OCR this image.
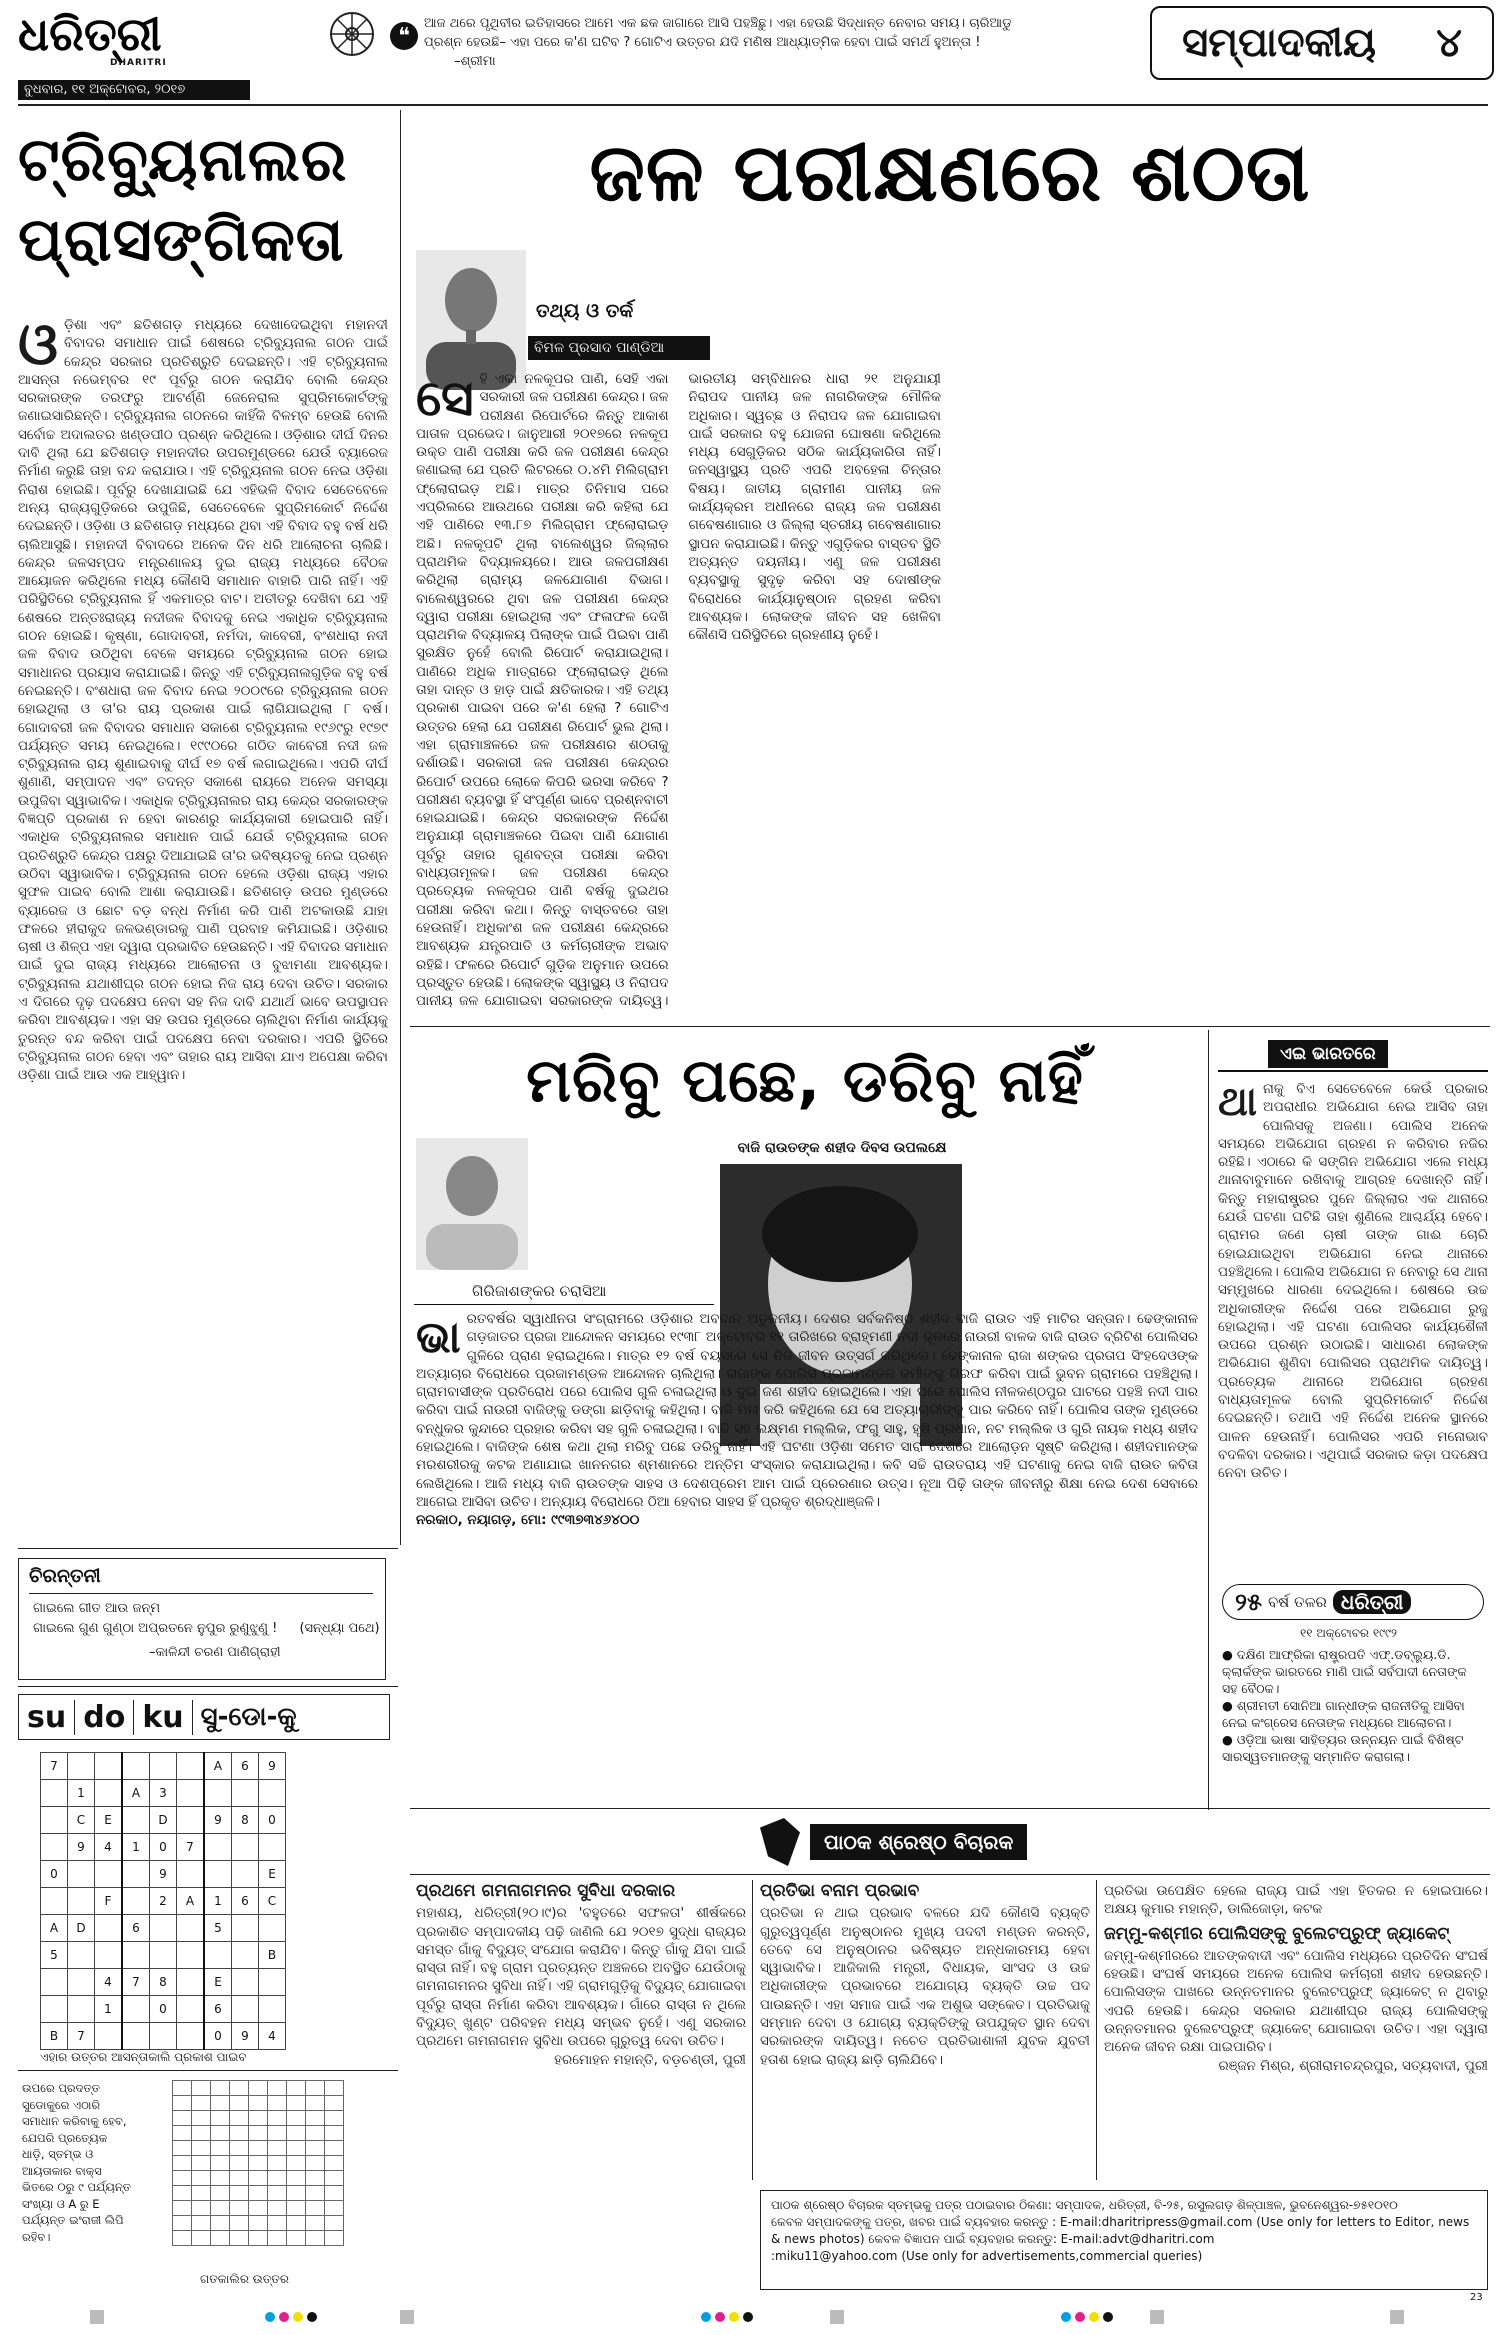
ଧରିତ୍ରୀ
DHARITRI
ବୁଧବାର, ୧୧ ଅକ୍ଟୋବର, ୨୦୧୭
❝
ଆଜ ଥରେ ପୃଥିବୀର ଇତିହାସରେ ଆମେ ଏକ ଛକ ଜାଗାରେ ଆସି ପହଞ୍ଚିଛୁ। ଏହା ହେଉଛି ସିଦ୍ଧାନ୍ତ ନେବାର ସମୟ। ଚାରିଆଡୁ ପ୍ରଶ୍ନ ହେଉଛି– ଏହା ପରେ କ'ଣ ଘଟିବ ? ଗୋଟିଏ ଉତ୍ତର ଯଦି ମଣିଷ ଆଧ୍ୟାତ୍ମିକ ହେବା ପାଇଁ ସମର୍ଥ ହୁଅନ୍ତା ! –ଶ୍ରୀମା	ସମ୍ପାଦକୀୟ ୪
ଟ୍ରିବ୍ୟୁନାଲର
ପ୍ରାସଙ୍ଗିକତା
ଓ ଡ଼ିଶା ଏବଂ ଛତିଶଗଡ଼ ମଧ୍ୟରେ ଦେଖାଦେଇଥିବା ମହାନଦୀ ବିବାଦର ସମାଧାନ ପାଇଁ ଶେଷରେ ଟ୍ରିବ୍ୟୁନାଲ ଗଠନ ପାଇଁ କେନ୍ଦ୍ର ସରକାର ପ୍ରତିଶ୍ରୁତି ଦେଇଛନ୍ତି। ଏହି ଟ୍ରିବ୍ୟୁନାଲ ଆସନ୍ତା ନଭେମ୍ବର ୧୯ ପୂର୍ବରୁ ଗଠନ କରାଯିବ ବୋଲି କେନ୍ଦ୍ର ସରକାରଙ୍କ ତରଫରୁ ଆଟର୍ଣ୍ଣି ଜେନେରାଲ ସୁପ୍ରିମକୋର୍ଟଙ୍କୁ ଜଣାଇସାରିଛନ୍ତି। ଟ୍ରିବ୍ୟୁନାଲ ଗଠନରେ କାହିଁକି ବିଳମ୍ବ ହେଉଛି ବୋଲି ସର୍ବୋଚ୍ଚ ଅଦାଲତର ଖଣ୍ଡପୀଠ ପ୍ରଶ୍ନ କରିଥିଲେ। ଓଡ଼ିଶାର ଦୀର୍ଘ ଦିନର ଦାବି ଥିଲା ଯେ ଛତିଶଗଡ଼ ମହାନଦୀର ଉପରମୁଣ୍ଡରେ ଯେଉଁ ବ୍ୟାରେଜ ନିର୍ମାଣ କରୁଛି ତାହା ବନ୍ଦ କରାଯାଉ। ଏହି ଟ୍ରିବ୍ୟୁନାଲ ଗଠନ ନେଇ ଓଡ଼ିଶା ନିରାଶ ହୋଇଛି। ପୂର୍ବରୁ ଦେଖାଯାଇଛି ଯେ ଏହିଭଳି ବିବାଦ ସେତେବେଳେ ଅନ୍ୟ ରାଜ୍ୟଗୁଡ଼ିକରେ ଉପୁଜିଛି, ସେତେବେଳେ ସୁପ୍ରିମକୋର୍ଟ ନିର୍ଦ୍ଦେଶ ଦେଇଛନ୍ତି। ଓଡ଼ିଶା ଓ ଛତିଶଗଡ଼ ମଧ୍ୟରେ ଥିବା ଏହି ବିବାଦ ବହୁ ବର୍ଷ ଧରି ଚାଲିଆସୁଛି। ମହାନଦୀ ବିବାଦରେ ଅନେକ ଦିନ ଧରି ଆଲୋଚନା ଚାଲିଛି। କେନ୍ଦ୍ର ଜଳସମ୍ପଦ ମନ୍ତ୍ରଣାଳୟ ଦୁଇ ରାଜ୍ୟ ମଧ୍ୟରେ ବୈଠକ ଆୟୋଜନ କରିଥିଲେ ମଧ୍ୟ କୌଣସି ସମାଧାନ ବାହାରି ପାରି ନାହିଁ। ଏହି ପରିସ୍ଥିତିରେ ଟ୍ରିବ୍ୟୁନାଲ ହିଁ ଏକମାତ୍ର ବାଟ। ଅତୀତରୁ ଦେଖିବା ଯେ ଏହି ଶେଷରେ ଅନ୍ତଃରାଜ୍ୟ ନଦୀଜଳ ବିବାଦକୁ ନେଇ ଏକାଧିକ ଟ୍ରିବ୍ୟୁନାଲ ଗଠନ ହୋଇଛି। କୃଷ୍ଣା, ଗୋଦାବରୀ, ନର୍ମଦା, କାବେରୀ, ବଂଶଧାରା ନଦୀ ଜଳ ବିବାଦ ଉଠିଥିବା ବେଳେ ସମୟରେ ଟ୍ରିବ୍ୟୁନାଲ ଗଠନ ହୋଇ ସମାଧାନର ପ୍ରୟାସ କରାଯାଇଛି। କିନ୍ତୁ ଏହି ଟ୍ରିବ୍ୟୁନାଲଗୁଡ଼ିକ ବହୁ ବର୍ଷ ନେଇଛନ୍ତି। ବଂଶଧାରା ଜଳ ବିବାଦ ନେଇ ୨୦୦୯ରେ ଟ୍ରିବ୍ୟୁନାଲ ଗଠନ ହୋଇଥିଲା ଓ ତା'ର ରାୟ ପ୍ରକାଶ ପାଇଁ ଲାଗିଯାଇଥିଲା ୮ ବର୍ଷ। ଗୋଦାବରୀ ଜଳ ବିବାଦର ସମାଧାନ ସକାଶେ ଟ୍ରିବ୍ୟୁନାଲ ୧୯୬୯ରୁ ୧୯୭୯ ପର୍ଯ୍ୟନ୍ତ ସମୟ ନେଇଥିଲେ। ୧୯୯୦ରେ ଗଠିତ କାବେରୀ ନଦୀ ଜଳ ଟ୍ରିବ୍ୟୁନାଲ ରାୟ ଶୁଣାଇବାକୁ ଦୀର୍ଘ ୧୭ ବର୍ଷ ଲଗାଇଥିଲେ। ଏପରି ଦୀର୍ଘ ଶୁଣାଣି, ସମ୍ପାଦନ ଏବଂ ତଦନ୍ତ ସକାଶେ ରାୟରେ ଅନେକ ସମସ୍ୟା ଉପୁଜିବା ସ୍ୱାଭାବିକ। ଏକାଧିକ ଟ୍ରିବ୍ୟୁନାଲର ରାୟ କେନ୍ଦ୍ର ସରକାରଙ୍କ ବିଜ୍ଞପ୍ତି ପ୍ରକାଶ ନ ହେବା କାରଣରୁ କାର୍ଯ୍ୟକାରୀ ହୋଇପାରି ନାହିଁ। ଏକାଧିକ ଟ୍ରିବ୍ୟୁନାଲର ସମାଧାନ ପାଇଁ ଯେଉଁ ଟ୍ରିବ୍ୟୁନାଲ ଗଠନ ପ୍ରତିଶ୍ରୁତି କେନ୍ଦ୍ର ପକ୍ଷରୁ ଦିଆଯାଇଛି ତା'ର ଭବିଷ୍ୟତକୁ ନେଇ ପ୍ରଶ୍ନ ଉଠିବା ସ୍ୱାଭାବିକ। ଟ୍ରିବ୍ୟୁନାଲ ଗଠନ ହେଲେ ଓଡ଼ିଶା ରାଜ୍ୟ ଏହାର ସୁଫଳ ପାଇବ ବୋଲି ଆଶା କରାଯାଉଛି। ଛତିଶଗଡ଼ ଉପର ମୁଣ୍ଡରେ ବ୍ୟାରେଜ ଓ ଛୋଟ ବଡ଼ ବନ୍ଧ ନିର୍ମାଣ କରି ପାଣି ଅଟକାଉଛି ଯାହା ଫଳରେ ହୀରାକୁଦ ଜଳଭଣ୍ଡାରକୁ ପାଣି ପ୍ରବାହ କମିଯାଇଛି। ଓଡ଼ିଶାର ଚାଷୀ ଓ ଶିଳ୍ପ ଏହା ଦ୍ୱାରା ପ୍ରଭାବିତ ହେଉଛନ୍ତି। ଏହି ବିବାଦର ସମାଧାନ ପାଇଁ ଦୁଇ ରାଜ୍ୟ ମଧ୍ୟରେ ଆଲୋଚନା ଓ ବୁଝାମଣା ଆବଶ୍ୟକ। ଟ୍ରିବ୍ୟୁନାଲ ଯଥାଶୀଘ୍ର ଗଠନ ହୋଇ ନିଜ ରାୟ ଦେବା ଉଚିତ। ସରକାର ଏ ଦିଗରେ ଦୃଢ଼ ପଦକ୍ଷେପ ନେବା ସହ ନିଜ ଦାବି ଯଥାର୍ଥ ଭାବେ ଉପସ୍ଥାପନ କରିବା ଆବଶ୍ୟକ। ଏହା ସହ ଉପର ମୁଣ୍ଡରେ ଚାଲିଥିବା ନିର୍ମାଣ କାର୍ଯ୍ୟକୁ ତୁରନ୍ତ ବନ୍ଦ କରିବା ପାଇଁ ପଦକ୍ଷେପ ନେବା ଦରକାର। ଏପରି ସ୍ଥିତିରେ ଟ୍ରିବ୍ୟୁନାଲ ଗଠନ ହେବା ଏବଂ ତାହାର ରାୟ ଆସିବା ଯାଏ ଅପେକ୍ଷା କରିବା ଓଡ଼ିଶା ପାଇଁ ଆଉ ଏକ ଆହ୍ୱାନ।
ଚିରନ୍ତନୀ
ଗାଇଲେ ଗୀତ ଆଉ ଜନ୍ମ
ଗାଇଲେ ଗୁଣ ଗୁଣ୍ଠା ଅପ୍ରତନେ ନୁପୁର ରୁଣୁଝୁଣୁ ! (ସନ୍ଧ୍ୟା ପଥେ)
–କାଳିନ୍ଦୀ ଚରଣ ପାଣିଗ୍ରାହୀ
su do ku ସୁ-ଡୋ-କୁ
7						A	6	9
	1		A	3				
	C	E		D		9	8	0
	9	4	1	0	7			
0				9				E
		F		2	A	1	6	C
A	D		6			5		
5								B
		4	7	8		E		
		1		0		6		
B	7					0	9	4
ଏହାର ଉତ୍ତର ଆସନ୍ତାକାଲି ପ୍ରକାଶ ପାଇବ
ଉପରେ ପ୍ରଦତ୍ତ ସୁଡୋକୁରେ ଏଠାରି ସମାଧାନ କରିବାକୁ ହେବ, ଯେପରି ପ୍ରତ୍ୟେକ ଧାଡ଼ି, ସ୍ତମ୍ଭ ଓ ଆୟତାକାର ବାକ୍ସ ଭିତରେ ୦ରୁ ୯ ପର୍ଯ୍ୟନ୍ତ ସଂଖ୍ୟା ଓ A ରୁ E ପର୍ଯ୍ୟନ୍ତ ଇଂରାଜୀ ଲିପି ରହିବ।

ଗତକାଲିର ଉତ୍ତର
ଜଳ ପରୀକ୍ଷଣରେ ଶଠତା
ତଥ୍ୟ ଓ ତର୍କ
ବିମଳ ପ୍ରସାଦ ପାଣ୍ଡିଆ
ସେ ହି ଏକା ନଳକୂପର ପାଣି, ସେହି ଏକା ସରକାରୀ ଜଳ ପରୀକ୍ଷଣ କେନ୍ଦ୍ର। ଜଳ ପରୀକ୍ଷଣ ରିପୋର୍ଟରେ କିନ୍ତୁ ଆକାଶ ପାତାଳ ପ୍ରଭେଦ। ଜାନୁଆରୀ ୨୦୧୭ରେ ନଳକୂପ ଉକ୍ତ ପାଣି ପରୀକ୍ଷା କରି ଜଳ ପରୀକ୍ଷଣ କେନ୍ଦ୍ର ଜଣାଇଲା ଯେ ପ୍ରତି ଲିଟରରେ ୦.୪ମି ମିଲିଗ୍ରାମ ଫ୍ଲୋରାଇଡ଼ ଅଛି। ମାତ୍ର ତିନିମାସ ପରେ ଏପ୍ରିଲରେ ଆଉଥରେ ପରୀକ୍ଷା କରି କହିଲା ଯେ ଏହି ପାଣିରେ ୧୩.୮୭ ମିଲିଗ୍ରାମ ଫ୍ଲୋରାଇଡ଼ ଅଛି। ନଳକୂପଟି ଥିଲା ବାଲେଶ୍ୱର ଜିଲ୍ଲାର ପ୍ରାଥମିକ ବିଦ୍ୟାଳୟରେ। ଆଉ ଜଳପରୀକ୍ଷଣ କରିଥିଲା ଗ୍ରାମ୍ୟ ଜଳଯୋଗାଣ ବିଭାଗ। ବାଲେଶ୍ୱରରେ ଥିବା ଜଳ ପରୀକ୍ଷଣ କେନ୍ଦ୍ର ଦ୍ୱାରା ପରୀକ୍ଷା ହୋଇଥିଲା ଏବଂ ଫଳାଫଳ ଦେଖି ପ୍ରାଥମିକ ବିଦ୍ୟାଳୟ ପିଲାଙ୍କ ପାଇଁ ପିଇବା ପାଣି ସୁରକ୍ଷିତ ନୁହେଁ ବୋଲି ରିପୋର୍ଟ କରାଯାଇଥିଲା। ପାଣିରେ ଅଧିକ ମାତ୍ରାରେ ଫ୍ଲୋରାଇଡ଼ ଥିଲେ ତାହା ଦାନ୍ତ ଓ ହାଡ଼ ପାଇଁ କ୍ଷତିକାରକ। ଏହି ତଥ୍ୟ ପ୍ରକାଶ ପାଇବା ପରେ କ'ଣ ହେଲା ? ଗୋଟିଏ ଉତ୍ତର ହେଲା ଯେ ପରୀକ୍ଷଣ ରିପୋର୍ଟ ଭୁଲ ଥିଲା। ଏହା ଗ୍ରାମାଞ୍ଚଳରେ ଜଳ ପରୀକ୍ଷଣର ଶଠତାକୁ ଦର୍ଶାଉଛି। ସରକାରୀ ଜଳ ପରୀକ୍ଷଣ କେନ୍ଦ୍ରର ରିପୋର୍ଟ ଉପରେ ଲୋକେ କିପରି ଭରସା କରିବେ ? ପରୀକ୍ଷଣ ବ୍ୟବସ୍ଥା ହିଁ ସଂପୂର୍ଣ୍ଣ ଭାବେ ପ୍ରଶ୍ନବାଚୀ ହୋଇଯାଇଛି। କେନ୍ଦ୍ର ସରକାରଙ୍କ ନିର୍ଦ୍ଦେଶ ଅନୁଯାୟୀ ଗ୍ରାମାଞ୍ଚଳରେ ପିଇବା ପାଣି ଯୋଗାଣ ପୂର୍ବରୁ ତାହାର ଗୁଣବତ୍ତା ପରୀକ୍ଷା କରିବା ବାଧ୍ୟତାମୂଳକ। ଜଳ ପରୀକ୍ଷଣ କେନ୍ଦ୍ର ପ୍ରତ୍ୟେକ ନଳକୂପର ପାଣି ବର୍ଷକୁ ଦୁଇଥର ପରୀକ୍ଷା କରିବା କଥା। କିନ୍ତୁ ବାସ୍ତବରେ ତାହା ହେଉନାହିଁ। ଅଧିକାଂଶ ଜଳ ପରୀକ୍ଷଣ କେନ୍ଦ୍ରରେ ଆବଶ୍ୟକ ଯନ୍ତ୍ରପାତି ଓ କର୍ମଚାରୀଙ୍କ ଅଭାବ ରହିଛି। ଫଳରେ ରିପୋର୍ଟ ଗୁଡ଼ିକ ଅନୁମାନ ଉପରେ ପ୍ରସ୍ତୁତ ହେଉଛି। ଲୋକଙ୍କ ସ୍ୱାସ୍ଥ୍ୟ ଓ ନିରାପଦ ପାନୀୟ ଜଳ ଯୋଗାଇବା ସରକାରଙ୍କ ଦାୟିତ୍ୱ। ଭାରତୀୟ ସମ୍ବିଧାନର ଧାରା ୨୧ ଅନୁଯାୟୀ ନିରାପଦ ପାନୀୟ ଜଳ ନାଗରିକଙ୍କ ମୌଳିକ ଅଧିକାର। ସ୍ୱଚ୍ଛ ଓ ନିରାପଦ ଜଳ ଯୋଗାଇବା ପାଇଁ ସରକାର ବହୁ ଯୋଜନା ଘୋଷଣା କରିଥିଲେ ମଧ୍ୟ ସେଗୁଡ଼ିକର ସଠିକ କାର୍ଯ୍ୟକାରିତା ନାହିଁ। ଜନସ୍ୱାସ୍ଥ୍ୟ ପ୍ରତି ଏପରି ଅବହେଳା ଚିନ୍ତାର ବିଷୟ। ଜାତୀୟ ଗ୍ରାମୀଣ ପାନୀୟ ଜଳ କାର୍ଯ୍ୟକ୍ରମ ଅଧୀନରେ ରାଜ୍ୟ ଜଳ ପରୀକ୍ଷଣ ଗବେଷଣାଗାର ଓ ଜିଲ୍ଲା ସ୍ତରୀୟ ଗବେଷଣାଗାର ସ୍ଥାପନ କରାଯାଇଛି। କିନ୍ତୁ ଏଗୁଡ଼ିକର ବାସ୍ତବ ସ୍ଥିତି ଅତ୍ୟନ୍ତ ଦୟନୀୟ। ଏଣୁ ଜଳ ପରୀକ୍ଷଣ ବ୍ୟବସ୍ଥାକୁ ସୁଦୃଢ଼ କରିବା ସହ ଦୋଷୀଙ୍କ ବିରୋଧରେ କାର୍ଯ୍ୟାନୁଷ୍ଠାନ ଗ୍ରହଣ କରିବା ଆବଶ୍ୟକ। ଲୋକଙ୍କ ଜୀବନ ସହ ଖେଳିବା କୌଣସି ପରିସ୍ଥିତିରେ ଗ୍ରହଣୀୟ ନୁହେଁ।
ମରିବୁ ପଛେ, ଡରିବୁ ନାହିଁ
ଗିରିଜାଶଙ୍କର ଚରାସିଆ
ବାଜି ରାଉତଙ୍କ ଶହୀଦ ଦିବସ ଉପଲକ୍ଷେ
ଭା ରତବର୍ଷର ସ୍ୱାଧୀନତା ସଂଗ୍ରାମରେ ଓଡ଼ିଶାର ଅବଦାନ ଅତୁଳନୀୟ। ଦେଶର ସର୍ବକନିଷ୍ଠ ଶହୀଦ ବାଜି ରାଉତ ଏହି ମାଟିର ସନ୍ତାନ। ଢେଙ୍କାନାଳ ଗଡ଼ଜାତର ପ୍ରଜା ଆନ୍ଦୋଳନ ସମୟରେ ୧୯୩୮ ଅକ୍ଟୋବର ୧୧ ତାରିଖରେ ବ୍ରାହ୍ମଣୀ ନଦୀ କୂଳରେ ନାଉରୀ ବାଳକ ବାଜି ରାଉତ ବ୍ରିଟିଶ ପୋଲିସର ଗୁଳିରେ ପ୍ରାଣ ହରାଇଥିଲେ। ମାତ୍ର ୧୨ ବର୍ଷ ବୟସରେ ସେ ନିଜ ଜୀବନ ଉତ୍ସର୍ଗ କରିଥିଲେ। ଢେଙ୍କାନାଳ ରାଜା ଶଙ୍କର ପ୍ରତାପ ସିଂହଦେଓଙ୍କ ଅତ୍ୟାଚାର ବିରୋଧରେ ପ୍ରଜାମଣ୍ଡଳ ଆନ୍ଦୋଳନ ଚାଲିଥିଲା। ରାଜାଙ୍କ ପୋଲିସ ପ୍ରଜାମଣ୍ଡଳ କର୍ମୀଙ୍କୁ ଗିରଫ କରିବା ପାଇଁ ଭୁବନ ଗ୍ରାମରେ ପହଞ୍ଚିଥିଲା। ଗ୍ରାମବାସୀଙ୍କ ପ୍ରତିରୋଧ ପରେ ପୋଲିସ ଗୁଳି ଚଳାଇଥିଲା ଓ ଦୁଇ ଜଣ ଶହୀଦ ହୋଇଥିଲେ। ଏହା ପରେ ପୋଲିସ ନୀଳକଣ୍ଠପୁର ଘାଟରେ ପହଞ୍ଚି ନଦୀ ପାର କରିବା ପାଇଁ ନାଉରୀ ବାଜିଙ୍କୁ ଡଙ୍ଗା ଛାଡ଼ିବାକୁ କହିଥିଲା। ବାଜି ମନା କରି କହିଥିଲେ ଯେ ସେ ଅତ୍ୟାଚାରୀଙ୍କୁ ପାର କରିବେ ନାହିଁ। ପୋଲିସ ତାଙ୍କ ମୁଣ୍ଡରେ ବନ୍ଧୁକର କୁନ୍ଦାରେ ପ୍ରହାର କରିବା ସହ ଗୁଳି ଚଳାଇଥିଲା। ବାଜି ସହ ଲକ୍ଷ୍ମଣ ମଲ୍ଲିକ, ଫଗୁ ସାହୁ, ହୃଷି ପ୍ରଧାନ, ନଟ ମଲ୍ଲିକ ଓ ଗୁରି ନାୟକ ମଧ୍ୟ ଶହୀଦ ହୋଇଥିଲେ। ବାଜିଙ୍କ ଶେଷ କଥା ଥିଲା ମରିବୁ ପଛେ ଡରିବୁ ନାହିଁ। ଏହି ଘଟଣା ଓଡ଼ିଶା ସମେତ ସାରା ଦେଶରେ ଆଲୋଡ଼ନ ସୃଷ୍ଟି କରିଥିଲା। ଶହୀଦମାନଙ୍କ ମରଶରୀରକୁ କଟକ ଅଣାଯାଇ ଖାନନଗର ଶ୍ମଶାନରେ ଅନ୍ତିମ ସଂସ୍କାର କରାଯାଇଥିଲା। କବି ସଚ୍ଚି ରାଉତରାୟ ଏହି ଘଟଣାକୁ ନେଇ ବାଜି ରାଉତ କବିତା ଲେଖିଥିଲେ। ଆଜି ମଧ୍ୟ ବାଜି ରାଉତଙ୍କ ସାହସ ଓ ଦେଶପ୍ରେମ ଆମ ପାଇଁ ପ୍ରେରଣାର ଉତ୍ସ। ନୂଆ ପିଢ଼ି ତାଙ୍କ ଜୀବନୀରୁ ଶିକ୍ଷା ନେଇ ଦେଶ ସେବାରେ ଆଗେଇ ଆସିବା ଉଚିତ। ଅନ୍ୟାୟ ବିରୋଧରେ ଠିଆ ହେବାର ସାହସ ହିଁ ପ୍ରକୃତ ଶ୍ରଦ୍ଧାଞ୍ଜଳି।
ନରକାଠ, ନୟାଗଡ଼, ମୋ: ୯୯୩୭୩୪୬୪୦୦
ଏଇ ଭାରତରେ
ଥା ନାକୁ ବିଏ ସେତେବେଳେ କେଉଁ ପ୍ରକାର ଅପରାଧୀର ଅଭିଯୋଗ ନେଇ ଆସିବ ତାହା ପୋଲିସକୁ ଅଜଣା। ପୋଲିସ ଅନେକ ସମୟରେ ଅଭିଯୋଗ ଗ୍ରହଣ ନ କରିବାର ନଜିର ରହିଛି। ଏଠାରେ କି ସଙ୍ଗିନ ଅଭିଯୋଗ ଏଲେ ମଧ୍ୟ ଥାନାବାବୁମାନେ ରଖିବାକୁ ଆଗ୍ରହ ଦେଖାନ୍ତି ନାହିଁ। କିନ୍ତୁ ମହାରାଷ୍ଟ୍ରର ପୁନେ ଜିଲ୍ଲାର ଏକ ଥାନାରେ ଯେଉଁ ଘଟଣା ଘଟିଛି ତାହା ଶୁଣିଲେ ଆଶ୍ଚର୍ଯ୍ୟ ହେବେ। ଗ୍ରାମର ଜଣେ ଚାଷୀ ତାଙ୍କ ଗାଈ ଚୋରି ହୋଇଯାଇଥିବା ଅଭିଯୋଗ ନେଇ ଥାନାରେ ପହଞ୍ଚିଥିଲେ। ପୋଲିସ ଅଭିଯୋଗ ନ ନେବାରୁ ସେ ଥାନା ସମ୍ମୁଖରେ ଧାରଣା ଦେଇଥିଲେ। ଶେଷରେ ଉଚ୍ଚ ଅଧିକାରୀଙ୍କ ନିର୍ଦ୍ଦେଶ ପରେ ଅଭିଯୋଗ ରୁଜୁ ହୋଇଥିଲା। ଏହି ଘଟଣା ପୋଲିସର କାର୍ଯ୍ୟଶୈଳୀ ଉପରେ ପ୍ରଶ୍ନ ଉଠାଇଛି। ସାଧାରଣ ଲୋକଙ୍କ ଅଭିଯୋଗ ଶୁଣିବା ପୋଲିସର ପ୍ରାଥମିକ ଦାୟିତ୍ୱ। ପ୍ରତ୍ୟେକ ଥାନାରେ ଅଭିଯୋଗ ଗ୍ରହଣ ବାଧ୍ୟତାମୂଳକ ବୋଲି ସୁପ୍ରିମକୋର୍ଟ ନିର୍ଦ୍ଦେଶ ଦେଇଛନ୍ତି। ତଥାପି ଏହି ନିର୍ଦ୍ଦେଶ ଅନେକ ସ୍ଥାନରେ ପାଳନ ହେଉନାହିଁ। ପୋଲିସର ଏପରି ମନୋଭାବ ବଦଳିବା ଦରକାର। ଏଥିପାଇଁ ସରକାର କଡ଼ା ପଦକ୍ଷେପ ନେବା ଉଚିତ।
୨୫ ବର୍ଷ ତଳର ଧରିତ୍ରୀ
୧୧ ଅକ୍ଟୋବର ୧୯୯୨
● ଦକ୍ଷିଣ ଆଫ୍ରିକା ରାଷ୍ଟ୍ରପତି ଏଫ୍.ଡବ୍ଲ୍ୟୁ.ଡି. କ୍ଲାର୍କଙ୍କ ଭାରତରେ ମାଣି ପାଇଁ ସର୍ବପାଦୀ ନେତାଙ୍କ ସହ ବୈଠକ।
● ଶ୍ରୀମତୀ ସୋନିଆ ଗାନ୍ଧୀଙ୍କ ରାଜନୀତିକୁ ଆସିବା ନେଇ କଂଗ୍ରେସ ନେତାଙ୍କ ମଧ୍ୟରେ ଆଲୋଚନା।
● ଓଡ଼ିଆ ଭାଷା ସାହିତ୍ୟର ଉନ୍ନୟନ ପାଇଁ ବିଶିଷ୍ଟ ସାରସ୍ୱତମାନଙ୍କୁ ସମ୍ମାନିତ କରାଗଲା।
ପାଠକ ଶ୍ରେଷ୍ଠ ବିଚାରକ
ପ୍ରଥମେ ଗମନାଗମନର ସୁବିଧା ଦରକାର
ମହାଶୟ, ଧରିତ୍ରୀ(୨୦।୯)ର 'ବହୁତରେ ସଫଳତା' ଶୀର୍ଷକରେ ପ୍ରକାଶିତ ସମ୍ପାଦକୀୟ ପଢ଼ି ଜାଣିଲି ଯେ ୨୦୧୭ ସୁଦ୍ଧା ରାଜ୍ୟର ସମସ୍ତ ଗାଁକୁ ବିଦ୍ୟୁତ୍ ସଂଯୋଗ କରାଯିବ। କିନ୍ତୁ ଗାଁକୁ ଯିବା ପାଇଁ ରାସ୍ତା ନାହିଁ। ବହୁ ଗ୍ରାମ ପ୍ରତ୍ୟନ୍ତ ଅଞ୍ଚଳରେ ଅବସ୍ଥିତ ଯେଉଁଠାକୁ ଗମନାଗମନର ସୁବିଧା ନାହିଁ। ଏହି ଗ୍ରାମଗୁଡ଼ିକୁ ବିଦ୍ୟୁତ୍ ଯୋଗାଇବା ପୂର୍ବରୁ ରାସ୍ତା ନିର୍ମାଣ କରିବା ଆବଶ୍ୟକ। ଗାଁରେ ରାସ୍ତା ନ ଥିଲେ ବିଦ୍ୟୁତ୍ ଖୁଣ୍ଟ ପରିବହନ ମଧ୍ୟ ସମ୍ଭବ ନୁହେଁ। ଏଣୁ ସରକାର ପ୍ରଥମେ ଗମନାଗମନ ସୁବିଧା ଉପରେ ଗୁରୁତ୍ୱ ଦେବା ଉଚିତ।
ହରମୋହନ ମହାନ୍ତି, ବଡ଼ଚଣ୍ଡୀ, ପୁରୀ
ପ୍ରତିଭା ବନାମ ପ୍ରଭାବ
ପ୍ରତିଭା ନ ଥାଇ ପ୍ରଭାବ ବଳରେ ଯଦି କୌଣସି ବ୍ୟକ୍ତି ଗୁରୁତ୍ୱପୂର୍ଣ୍ଣ ଅନୁଷ୍ଠାନର ମୁଖ୍ୟ ପଦବୀ ମଣ୍ଡନ କରନ୍ତି, ତେବେ ସେ ଅନୁଷ୍ଠାନର ଭବିଷ୍ୟତ ଅନ୍ଧକାରମୟ ହେବା ସ୍ୱାଭାବିକ। ଆଜିକାଲି ମନ୍ତ୍ରୀ, ବିଧାୟକ, ସାଂସଦ ଓ ଉଚ୍ଚ ଅଧିକାରୀଙ୍କ ପ୍ରଭାବରେ ଅଯୋଗ୍ୟ ବ୍ୟକ୍ତି ଉଚ୍ଚ ପଦ ପାଉଛନ୍ତି। ଏହା ସମାଜ ପାଇଁ ଏକ ଅଶୁଭ ସଙ୍କେତ। ପ୍ରତିଭାକୁ ସମ୍ମାନ ଦେବା ଓ ଯୋଗ୍ୟ ବ୍ୟକ୍ତିଙ୍କୁ ଉପଯୁକ୍ତ ସ୍ଥାନ ଦେବା ସରକାରଙ୍କ ଦାୟିତ୍ୱ। ନଚେତ ପ୍ରତିଭାଶାଳୀ ଯୁବକ ଯୁବତୀ ହତାଶ ହୋଇ ରାଜ୍ୟ ଛାଡ଼ି ଚାଲିଯିବେ।
ପ୍ରତିଭା ଉପେକ୍ଷିତ ହେଲେ ରାଜ୍ୟ ପାଇଁ ଏହା ହିତକର ନ ହୋଇପାରେ। ଅକ୍ଷୟ କୁମାର ମହାନ୍ତି, ଡାଲିଜୋଡ଼ା, କଟକ
ଜମ୍ମୁ-କଶ୍ମୀର ପୋଲିସଙ୍କୁ ବୁଲେଟପ୍ରୁଫ୍ ଜ୍ୟାକେଟ୍
ଜମ୍ମୁ-କଶ୍ମୀରରେ ଆତଙ୍କବାଦୀ ଏବଂ ପୋଲିସ ମଧ୍ୟରେ ପ୍ରତିଦିନ ସଂଘର୍ଷ ହେଉଛି। ସଂଘର୍ଷ ସମୟରେ ଅନେକ ପୋଲିସ କର୍ମଚାରୀ ଶହୀଦ ହେଉଛନ୍ତି। ପୋଲିସଙ୍କ ପାଖରେ ଉନ୍ନତମାନର ବୁଲେଟପ୍ରୁଫ୍ ଜ୍ୟାକେଟ୍ ନ ଥିବାରୁ ଏପରି ହେଉଛି। କେନ୍ଦ୍ର ସରକାର ଯଥାଶୀଘ୍ର ରାଜ୍ୟ ପୋଲିସଙ୍କୁ ଉନ୍ନତମାନର ବୁଲେଟପ୍ରୁଫ୍ ଜ୍ୟାକେଟ୍ ଯୋଗାଇବା ଉଚିତ। ଏହା ଦ୍ୱାରା ଅନେକ ଜୀବନ ରକ୍ଷା ପାଇପାରିବ।
ରଞ୍ଜନ ମିଶ୍ର, ଶ୍ରୀରାମଚନ୍ଦ୍ରପୁର, ସତ୍ୟବାଦୀ, ପୁରୀ
ପାଠକ ଶ୍ରେଷ୍ଠ ବିଚାରକ ସ୍ତମ୍ଭକୁ ପତ୍ର ପଠାଇବାର ଠିକଣା: ସମ୍ପାଦକ, ଧରିତ୍ରୀ, ବି-୨୫, ରସୁଲଗଡ଼ ଶିଳ୍ପାଞ୍ଚଳ, ଭୁବନେଶ୍ୱର-୭୫୧୦୧୦
କେବଳ ସମ୍ପାଦକଙ୍କୁ ପତ୍ର, ଖବର ପାଇଁ ବ୍ୟବହାର କରନ୍ତୁ : E-mail:dharitripress@gmail.com (Use only for letters to Editor, news & news photos) କେବଳ ବିଜ୍ଞାପନ ପାଇଁ ବ୍ୟବହାର କରନ୍ତୁ: E-mail:advt@dharitri.com
:miku11@yahoo.com (Use only for advertisements,commercial queries)
23
